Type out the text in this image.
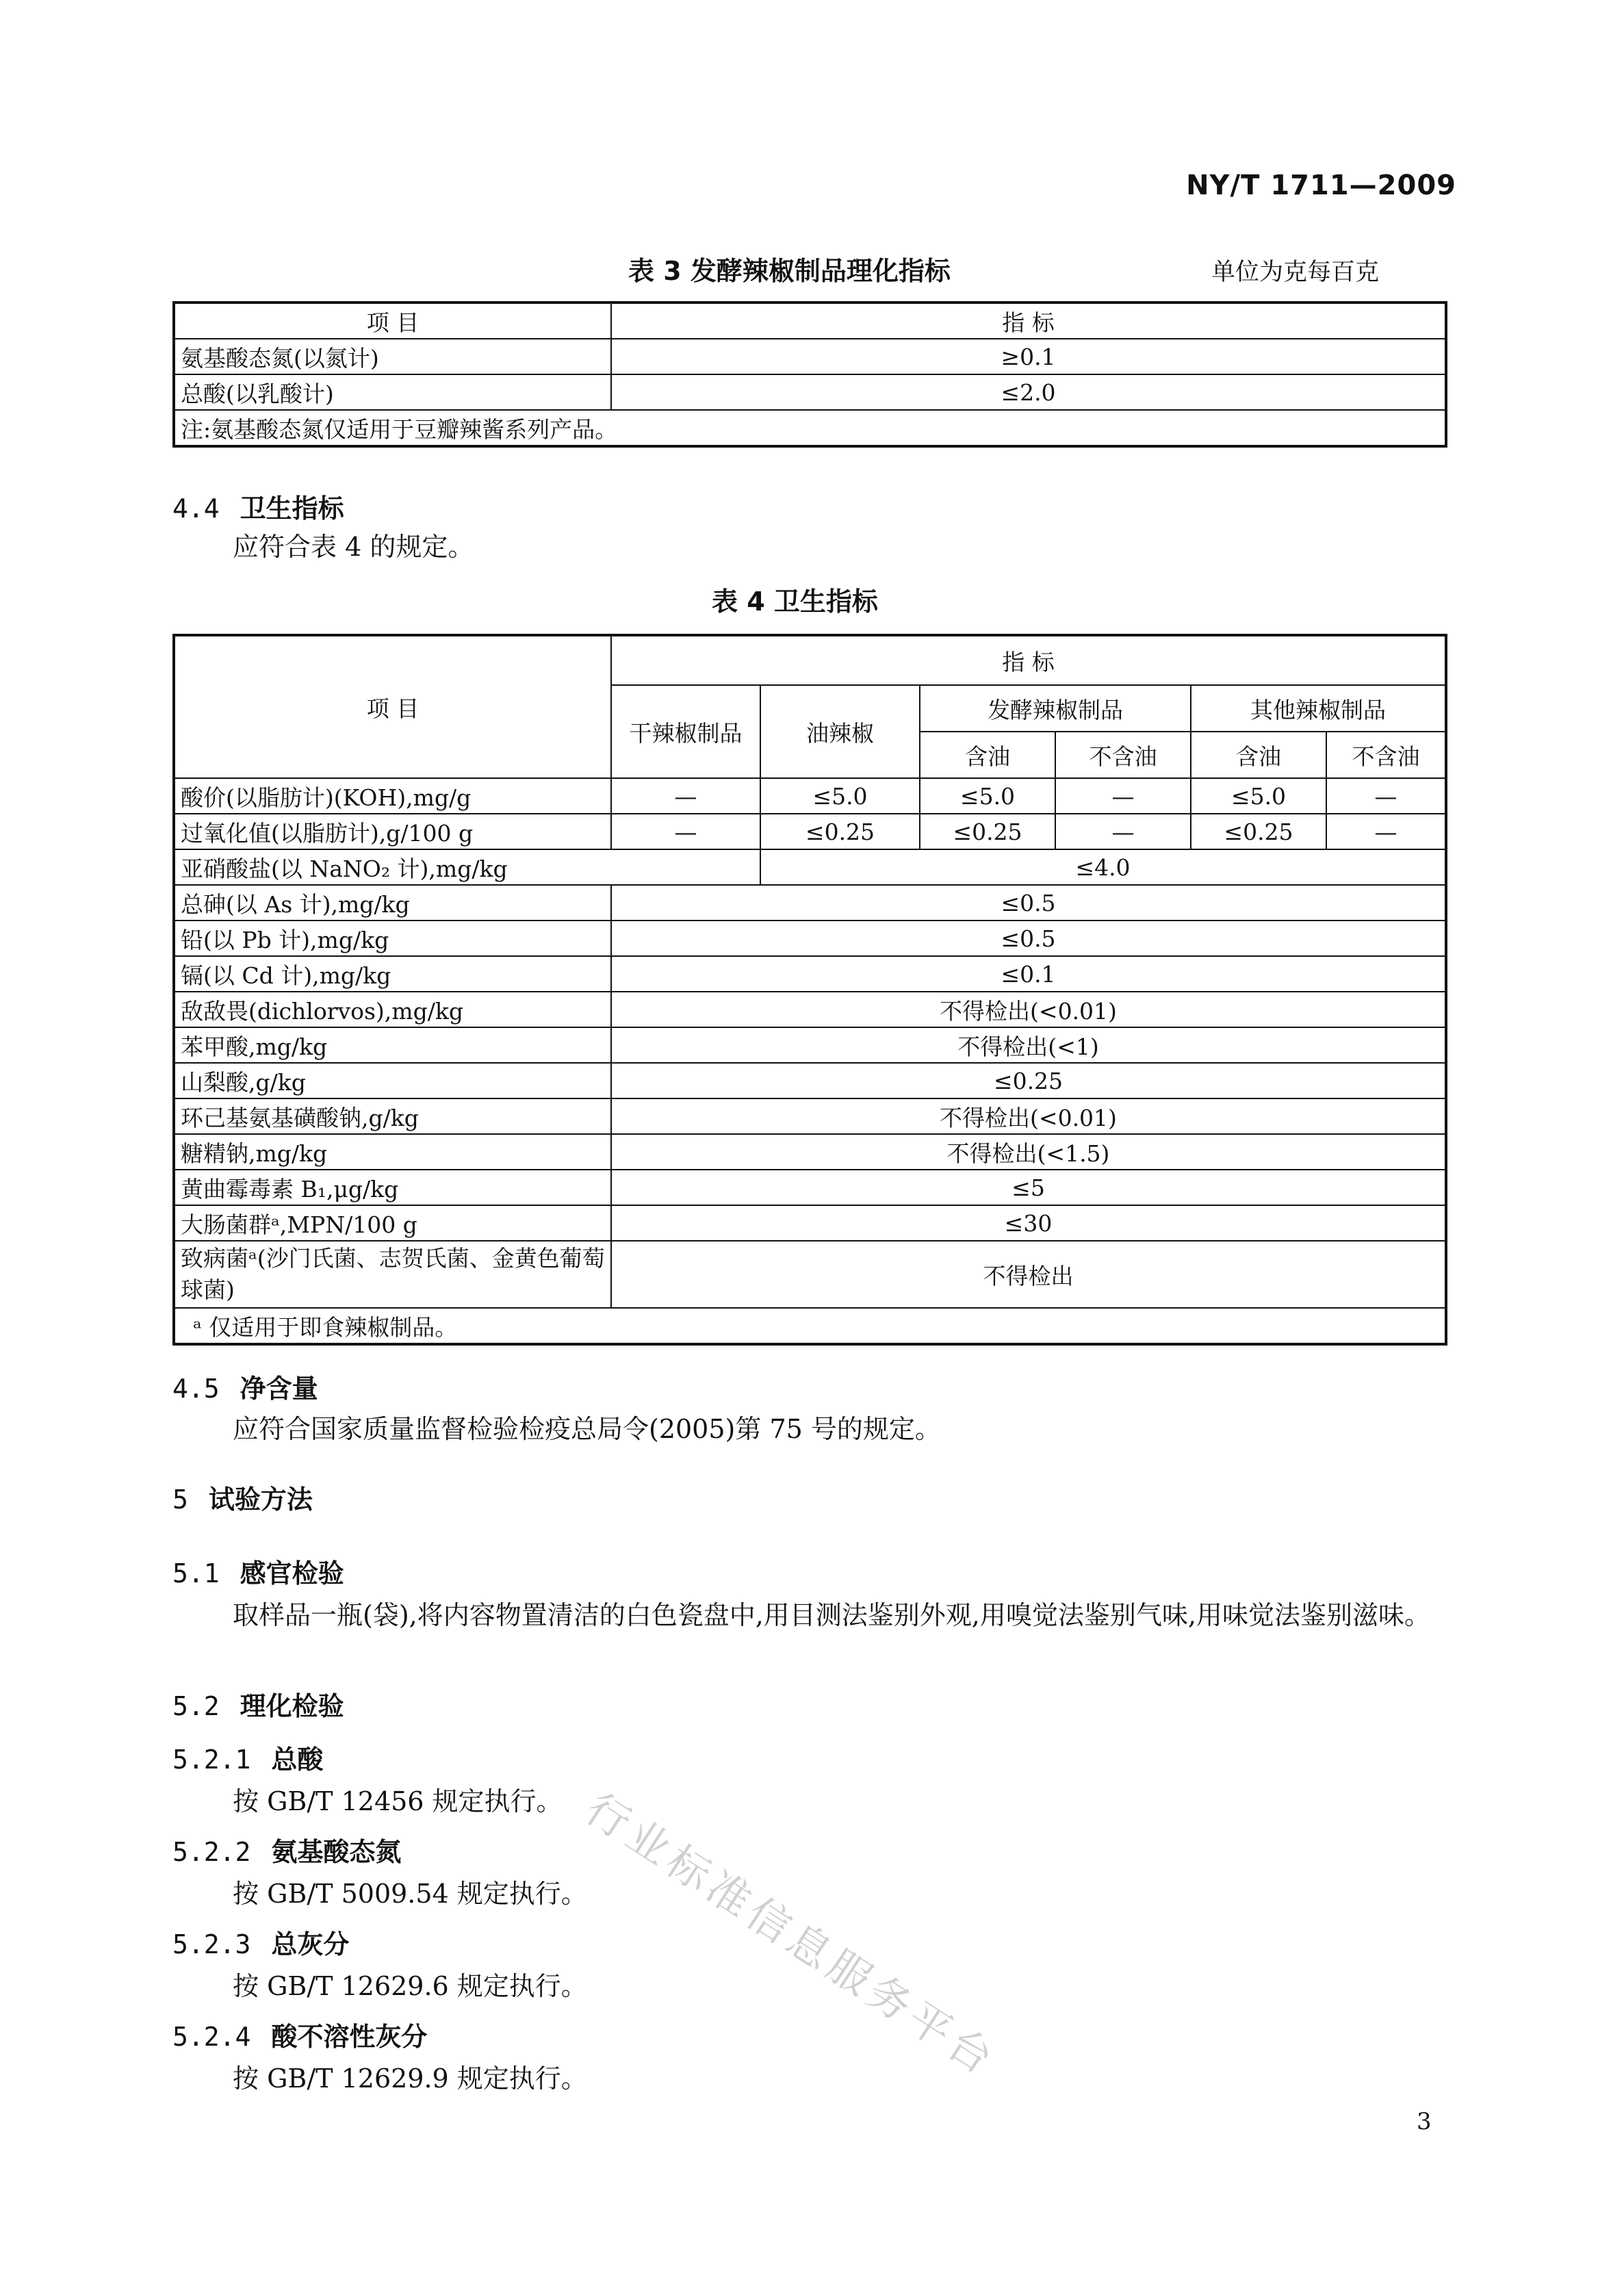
NY/T 1711—2009
表 3 发酵辣椒制品理化指标	单位为克每百克
项 目	指 标
氨基酸态氮(以氮计)	≥0.1
总酸(以乳酸计)	≤2.0
注:氨基酸态氮仅适用于豆瓣辣酱系列产品。	
4.4 卫生指标
应符合表 4 的规定。
表 4 卫生指标
项 目	指 标					
	干辣椒制品	油辣椒	发酵辣椒制品		其他辣椒制品	
			含油	不含油	含油	不含油
酸价(以脂肪计)(KOH),mg/g	—	≤5.0	≤5.0	—	≤5.0	—
过氧化值(以脂肪计),g/100 g	—	≤0.25	≤0.25	—	≤0.25	—
亚硝酸盐(以 NaNO₂ 计),mg/kg		≤4.0				
总砷(以 As 计),mg/kg	≤0.5					
铅(以 Pb 计),mg/kg	≤0.5					
镉(以 Cd 计),mg/kg	≤0.1					
敌敌畏(dichlorvos),mg/kg	不得检出(<0.01)					
苯甲酸,mg/kg	不得检出(<1)					
山梨酸,g/kg	≤0.25					
环己基氨基磺酸钠,g/kg	不得检出(<0.01)					
糖精钠,mg/kg	不得检出(<1.5)					
黄曲霉毒素 B₁,μg/kg	≤5					
大肠菌群ᵃ,MPN/100 g	≤30					
致病菌ᵃ(沙门氏菌、志贺氏菌、金黄色葡萄球菌)	不得检出					
ᵃ 仅适用于即食辣椒制品。						
4.5 净含量
应符合国家质量监督检验检疫总局令(2005)第 75 号的规定。
5 试验方法
5.1 感官检验
取样品一瓶(袋),将内容物置清洁的白色瓷盘中,用目测法鉴别外观,用嗅觉法鉴别气味,用味觉法鉴别滋味。
5.2 理化检验
5.2.1 总酸
按 GB/T 12456 规定执行。
5.2.2 氨基酸态氮
按 GB/T 5009.54 规定执行。
5.2.3 总灰分
按 GB/T 12629.6 规定执行。
5.2.4 酸不溶性灰分
按 GB/T 12629.9 规定执行。
行业标准信息服务平台
3
